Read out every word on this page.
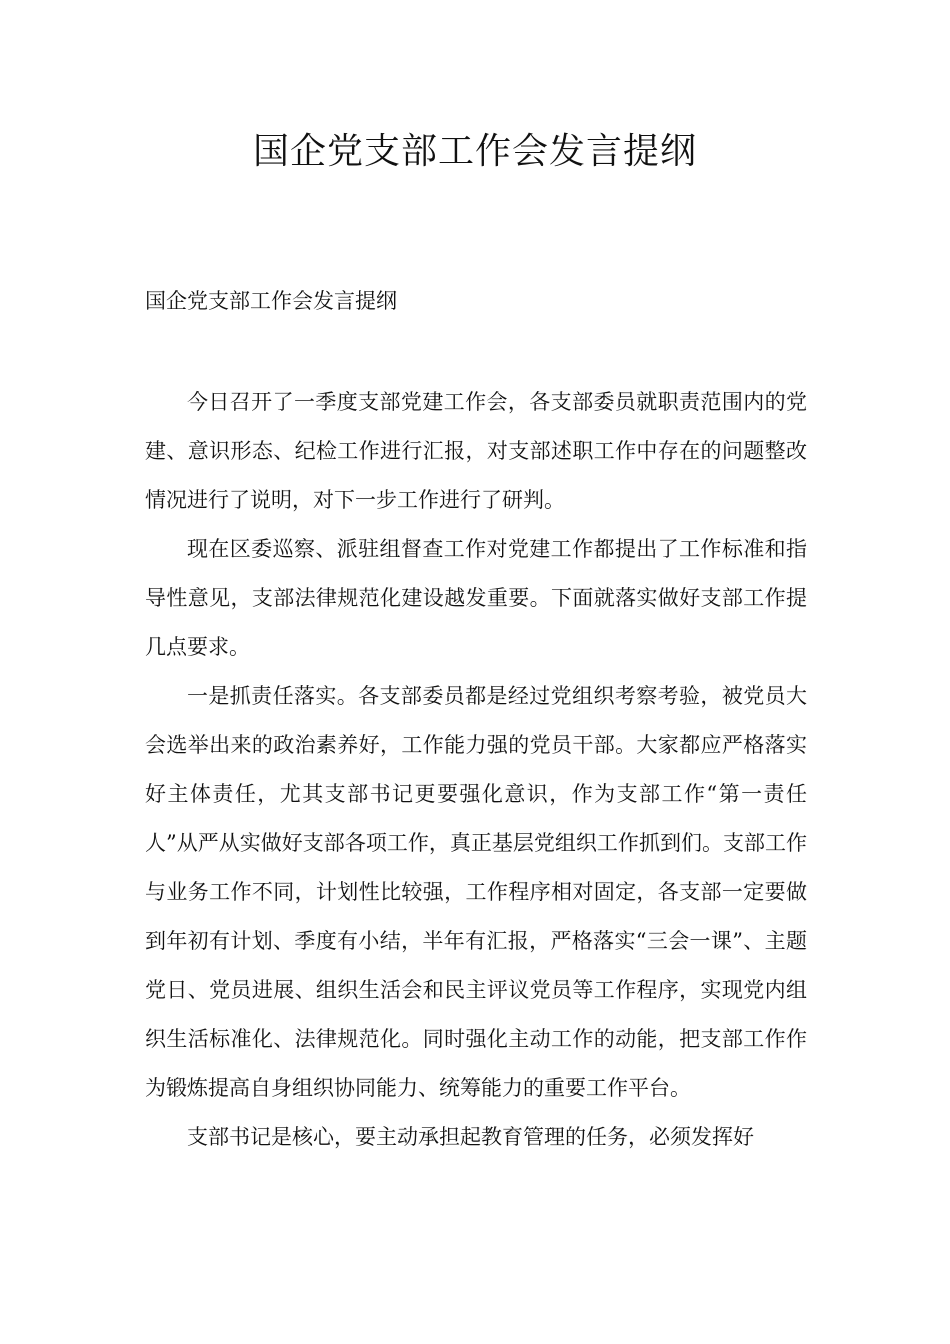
国企党支部工作会发言提纲

国企党支部工作会发言提纲

今日召开了一季度支部党建工作会，各支部委员就职责范围内的党建、意识形态、纪检工作进行汇报，对支部述职工作中存在的问题整改情况进行了说明，对下一步工作进行了研判。

现在区委巡察、派驻组督查工作对党建工作都提出了工作标准和指导性意见，支部法律规范化建设越发重要。下面就落实做好支部工作提几点要求。

一是抓责任落实。各支部委员都是经过党组织考察考验，被党员大会选举出来的政治素养好，工作能力强的党员干部。大家都应严格落实好主体责任，尤其支部书记更要强化意识，作为支部工作“第一责任人”从严从实做好支部各项工作，真正基层党组织工作抓到们。支部工作与业务工作不同，计划性比较强，工作程序相对固定，各支部一定要做到年初有计划、季度有小结，半年有汇报，严格落实“三会一课”、主题党日、党员进展、组织生活会和民主评议党员等工作程序，实现党内组织生活标准化、法律规范化。同时强化主动工作的动能，把支部工作作为锻炼提高自身组织协同能力、统筹能力的重要工作平台。

支部书记是核心，要主动承担起教育管理的任务，必须发挥好
